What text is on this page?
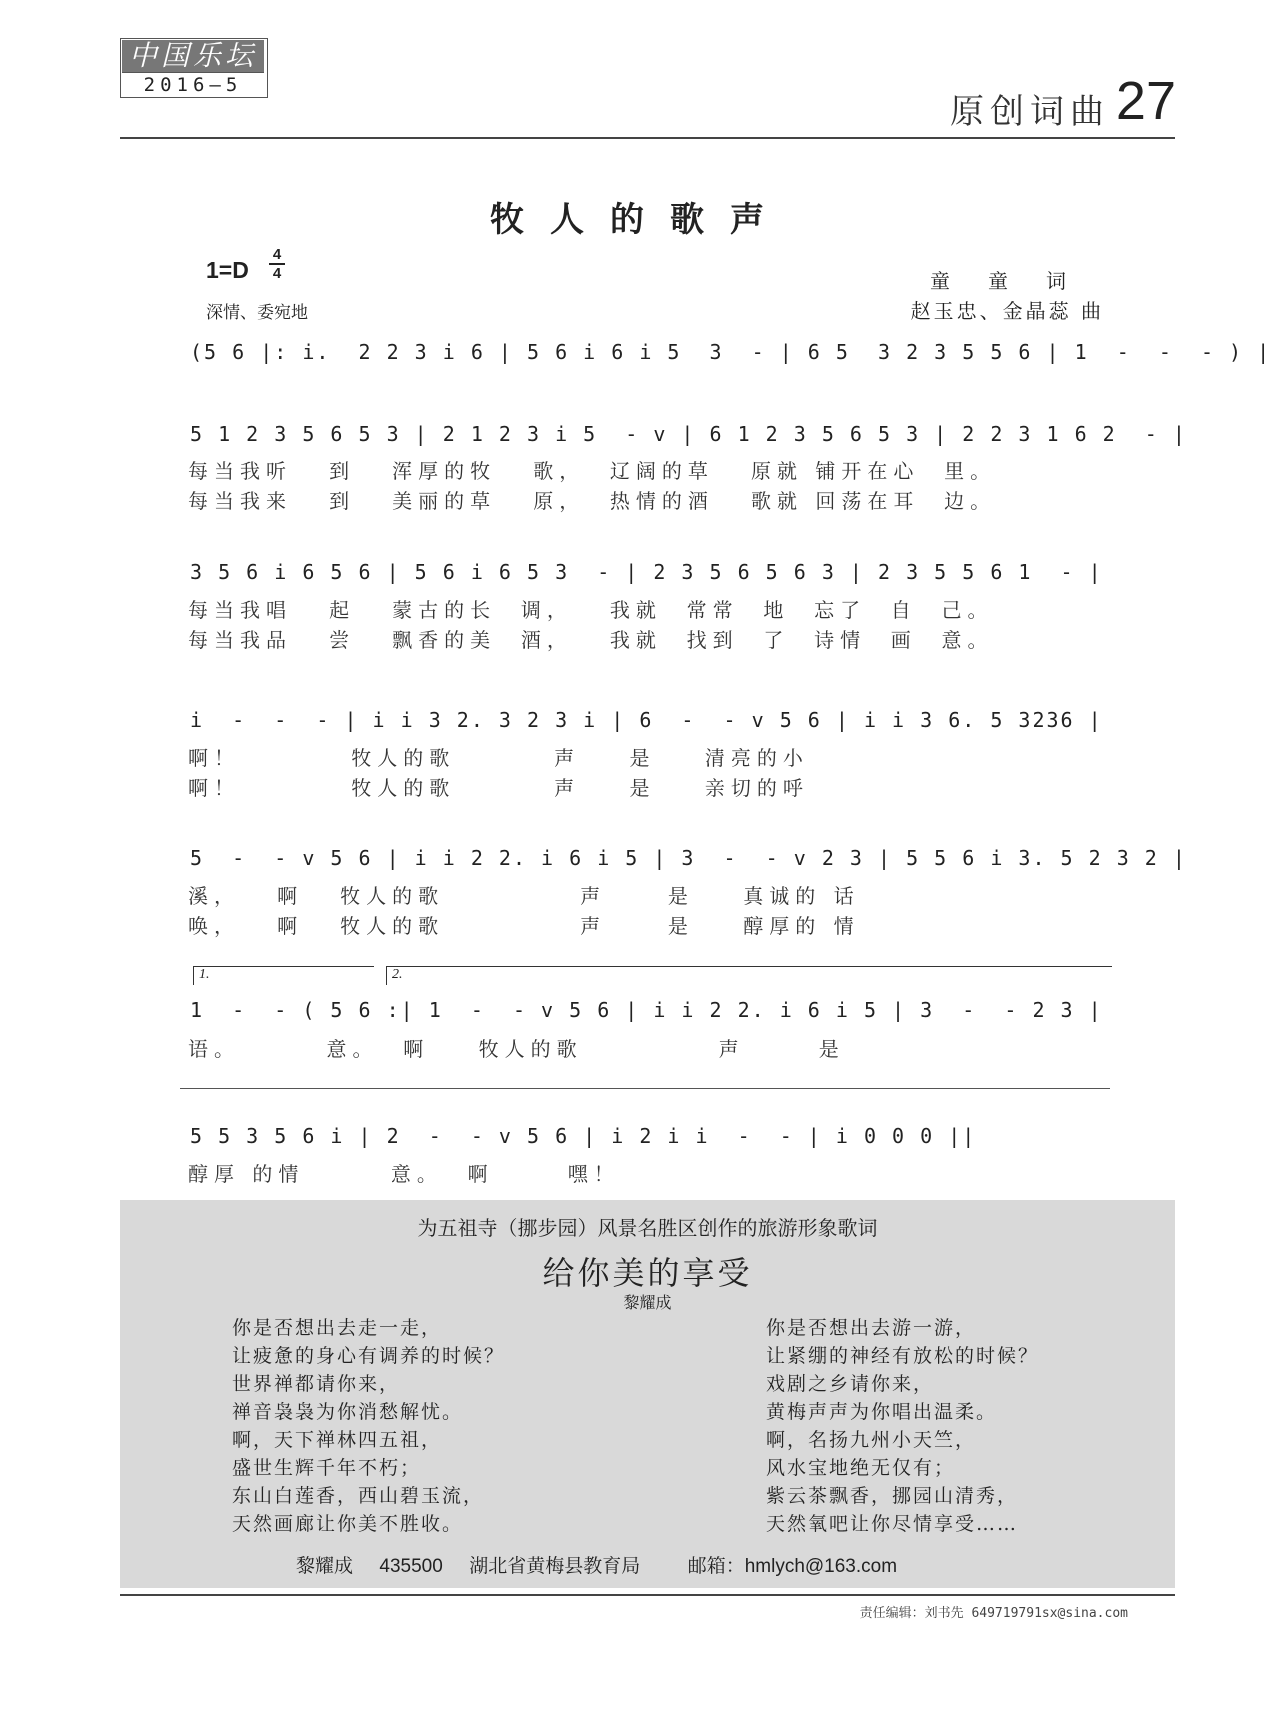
中国乐坛
2016—5
原创词曲 27
牧人的歌声
1=D
4
4
深情、委宛地
童童词
赵玉忠、金晶蕊 曲
(5 6 |: i.  2 2 3 i 6 | 5 6 i 6 i 5  3  - | 6 5  3 2 3 5 5 6 | 1  -  -  - ) |
5 1 2 3 5 6 5 3 | 2 1 2 3 i 5  - v | 6 1 2 3 5 6 5 3 | 2 2 3 1 6 2  - |
每当我听   到   浑厚的牧   歌，  辽阔的草   原就 铺开在心  里。
每当我来   到   美丽的草   原，  热情的酒   歌就 回荡在耳  边。
3 5 6 i 6 5 6 | 5 6 i 6 5 3  - | 2 3 5 6 5 6 3 | 2 3 5 5 6 1  - |
每当我唱   起   蒙古的长  调，   我就  常常  地  忘了  自  己。
每当我品   尝   飘香的美  酒，   我就  找到  了  诗情  画  意。
i  -  -  - | i i 3 2. 3 2 3 i | 6  -  - v 5 6 | i i 3 6. 5 3236 |
啊！         牧人的歌        声    是    清亮的小
啊！         牧人的歌        声    是    亲切的呼
5  -  - v 5 6 | i i 2 2. i 6 i 5 | 3  -  - v 2 3 | 5 5 6 i 3. 5 2 3 2 |
溪，   啊   牧人的歌           声     是    真诚的 话
唤，   啊   牧人的歌           声     是    醇厚的 情
1.	2.
1  -  - ( 5 6 :| 1  -  - v 5 6 | i i 2 2. i 6 i 5 | 3  -  - 2 3 |
语。       意。  啊    牧人的歌           声      是
5 5 3 5 6 i | 2  -  - v 5 6 | i 2 i i  -  - | i 0 0 0 ||
醇厚 的情       意。  啊      嘿！
为五祖寺（挪步园）风景名胜区创作的旅游形象歌词
给你美的享受
黎耀成
你是否想出去走一走，
让疲惫的身心有调养的时候？
世界禅都请你来，
禅音袅袅为你消愁解忧。
啊，天下禅林四五祖，
盛世生辉千年不朽；
东山白莲香，西山碧玉流，
天然画廊让你美不胜收。
你是否想出去游一游，
让紧绷的神经有放松的时候？
戏剧之乡请你来，
黄梅声声为你唱出温柔。
啊，名扬九州小天竺，
风水宝地绝无仅有；
紫云茶飘香，挪园山清秀，
天然氧吧让你尽情享受……
黎耀成     435500     湖北省黄梅县教育局         邮箱：hmlych@163.com
责任编辑：刘书先 649719791sx@sina.com
